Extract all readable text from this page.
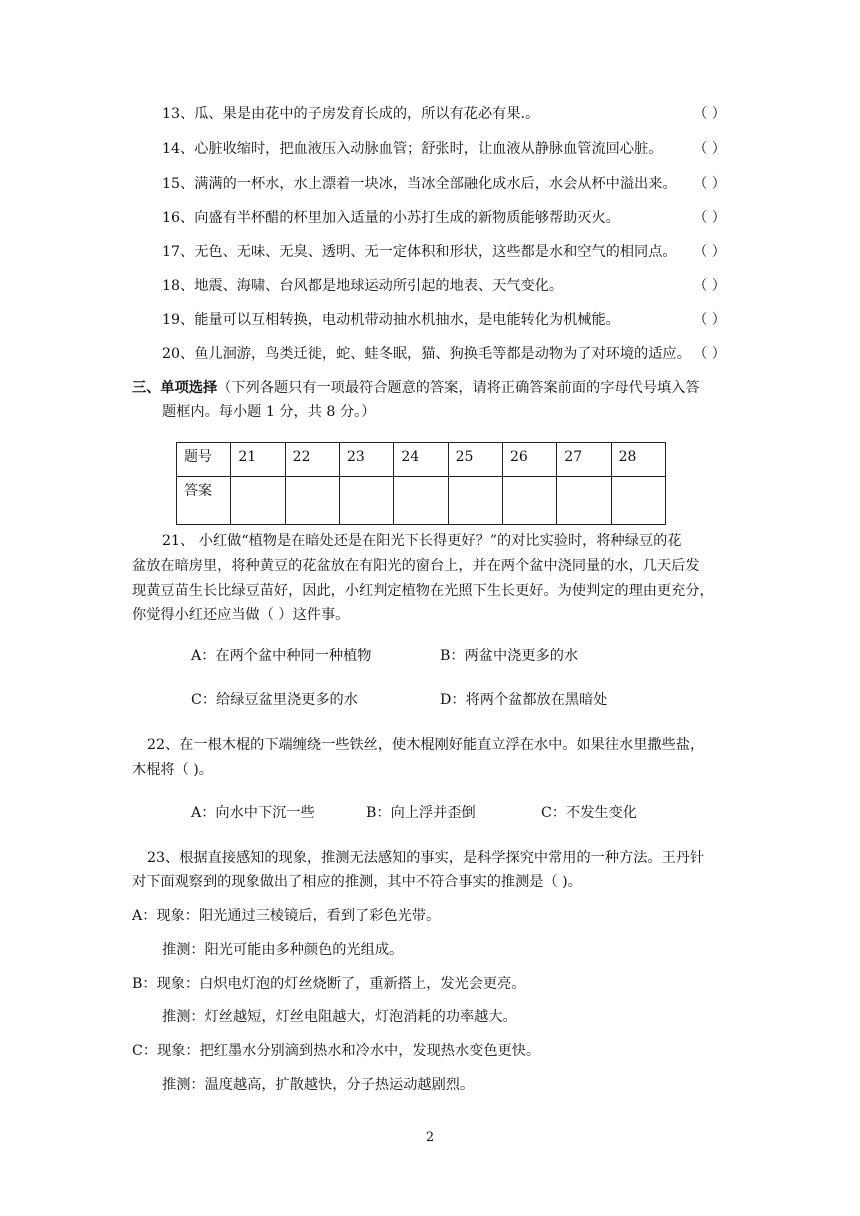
13、瓜、果是由花中的子房发育长成的，所以有花必有果.。	（ ）
14、心脏收缩时，把血液压入动脉血管；舒张时，让血液从静脉血管流回心脏。 （ ）
15、满满的一杯水，水上漂着一块冰，当冰全部融化成水后，水会从杯中溢出来。 （ ）
16、向盛有半杯醋的杯里加入适量的小苏打生成的新物质能够帮助灭火。	（ ）
17、无色、无味、无臭、透明、无一定体积和形状，这些都是水和空气的相同点。 （ ）
18、地震、海啸、台风都是地球运动所引起的地表、天气变化。	（ ）
19、能量可以互相转换，电动机带动抽水机抽水，是电能转化为机械能。	（ ）
20、鱼儿洄游，鸟类迁徙，蛇、蛙冬眠，猫、狗换毛等都是动物为了对环境的适应。 （ ）
三、单项选择（下列各题只有一项最符合题意的答案，请将正确答案前面的字母代号填入答
题框内。每小题 1 分，共 8 分。）
题号	21	22	23	24	25	26	27	28
答案								
21、 小红做“植物是在暗处还是在阳光下长得更好？”的对比实验时，将种绿豆的花
盆放在暗房里，将种黄豆的花盆放在有阳光的窗台上，并在两个盆中浇同量的水，几天后发
现黄豆苗生长比绿豆苗好，因此，小红判定植物在光照下生长更好。为使判定的理由更充分，
你觉得小红还应当做（ ）这件事。
A：在两个盆中种同一种植物	B：两盆中浇更多的水
C：给绿豆盆里浇更多的水	D：将两个盆都放在黑暗处
22、在一根木棍的下端缠绕一些铁丝，使木棍刚好能直立浮在水中。如果往水里撒些盐，
木棍将（ )。
A：向水中下沉一些	B：向上浮并歪倒	C：不发生变化
23、根据直接感知的现象，推测无法感知的事实，是科学探究中常用的一种方法。王丹针
对下面观察到的现象做出了相应的推测，其中不符合事实的推测是（ )。
A：现象：阳光通过三棱镜后，看到了彩色光带。
推测：阳光可能由多种颜色的光组成。
B：现象：白炽电灯泡的灯丝烧断了，重新搭上，发光会更亮。
推测：灯丝越短，灯丝电阻越大，灯泡消耗的功率越大。
C：现象：把红墨水分别滴到热水和冷水中，发现热水变色更快。
推测：温度越高，扩散越快，分子热运动越剧烈。
2
